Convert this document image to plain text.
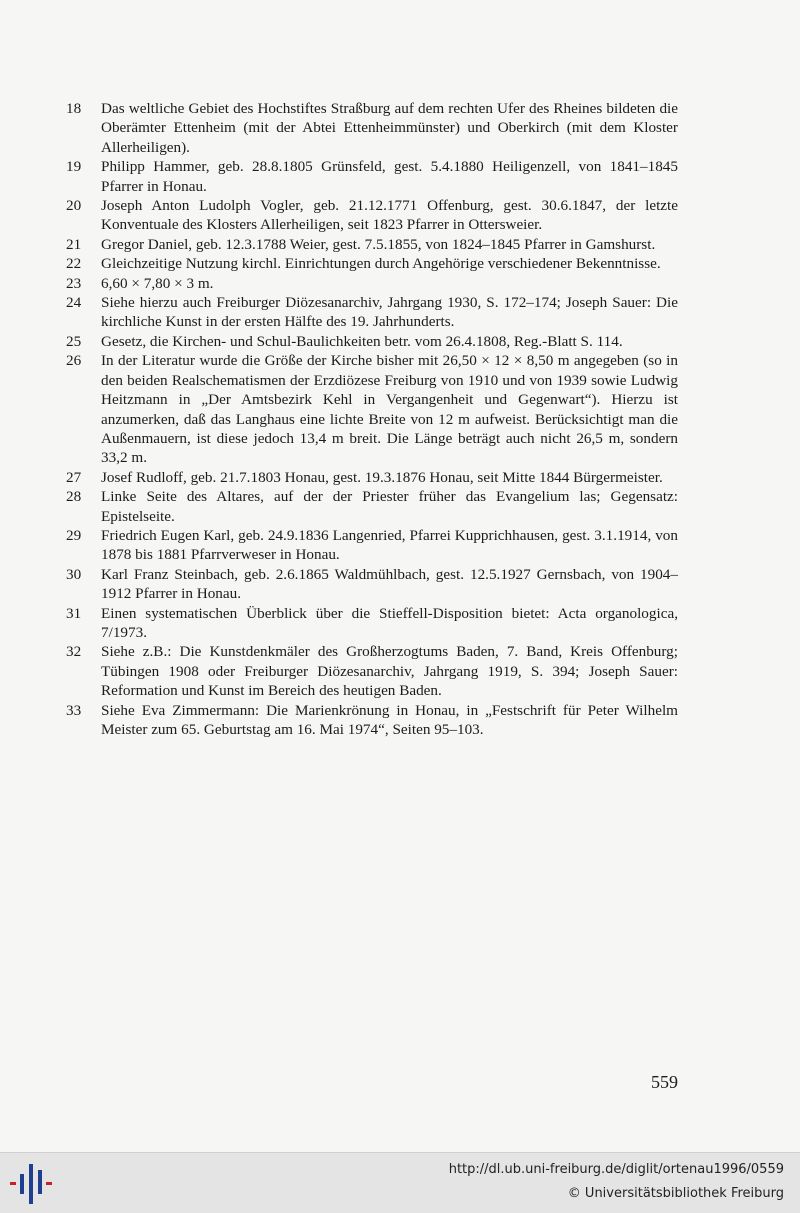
18	Das weltliche Gebiet des Hochstiftes Straßburg auf dem rechten Ufer des Rheines bildeten die Oberämter Ettenheim (mit der Abtei Ettenheimmünster) und Oberkirch (mit dem Kloster Allerheiligen).
19	Philipp Hammer, geb. 28.8.1805 Grünsfeld, gest. 5.4.1880 Heiligenzell, von 1841–1845 Pfarrer in Honau.
20	Joseph Anton Ludolph Vogler, geb. 21.12.1771 Offenburg, gest. 30.6.1847, der letzte Konventuale des Klosters Allerheiligen, seit 1823 Pfarrer in Ottersweier.
21	Gregor Daniel, geb. 12.3.1788 Weier, gest. 7.5.1855, von 1824–1845 Pfarrer in Gamshurst.
22	Gleichzeitige Nutzung kirchl. Einrichtungen durch Angehörige verschiedener Bekenntnisse.
23	6,60 × 7,80 × 3 m.
24	Siehe hierzu auch Freiburger Diözesanarchiv, Jahrgang 1930, S. 172–174; Joseph Sauer: Die kirchliche Kunst in der ersten Hälfte des 19. Jahrhunderts.
25	Gesetz, die Kirchen- und Schul-Baulichkeiten betr. vom 26.4.1808, Reg.-Blatt S. 114.
26	In der Literatur wurde die Größe der Kirche bisher mit 26,50 × 12 × 8,50 m angegeben (so in den beiden Realschematismen der Erzdiözese Freiburg von 1910 und von 1939 sowie Ludwig Heitzmann in „Der Amtsbezirk Kehl in Vergangenheit und Gegenwart“). Hierzu ist anzumerken, daß das Langhaus eine lichte Breite von 12 m aufweist. Berücksichtigt man die Außenmauern, ist diese jedoch 13,4 m breit. Die Länge beträgt auch nicht 26,5 m, sondern 33,2 m.
27	Josef Rudloff, geb. 21.7.1803 Honau, gest. 19.3.1876 Honau, seit Mitte 1844 Bürgermeister.
28	Linke Seite des Altares, auf der der Priester früher das Evangelium las; Gegensatz: Epistelseite.
29	Friedrich Eugen Karl, geb. 24.9.1836 Langenried, Pfarrei Kupprichhausen, gest. 3.1.1914, von 1878 bis 1881 Pfarrverweser in Honau.
30	Karl Franz Steinbach, geb. 2.6.1865 Waldmühlbach, gest. 12.5.1927 Gernsbach, von 1904–1912 Pfarrer in Honau.
31	Einen systematischen Überblick über die Stieffell-Disposition bietet: Acta organologica, 7/1973.
32	Siehe z.B.: Die Kunstdenkmäler des Großherzogtums Baden, 7. Band, Kreis Offenburg; Tübingen 1908 oder Freiburger Diözesanarchiv, Jahrgang 1919, S. 394; Joseph Sauer: Reformation und Kunst im Bereich des heutigen Baden.
33	Siehe Eva Zimmermann: Die Marienkrönung in Honau, in „Festschrift für Peter Wilhelm Meister zum 65. Geburtstag am 16. Mai 1974“, Seiten 95–103.
559
http://dl.ub.uni-freiburg.de/diglit/ortenau1996/0559
© Universitätsbibliothek Freiburg
